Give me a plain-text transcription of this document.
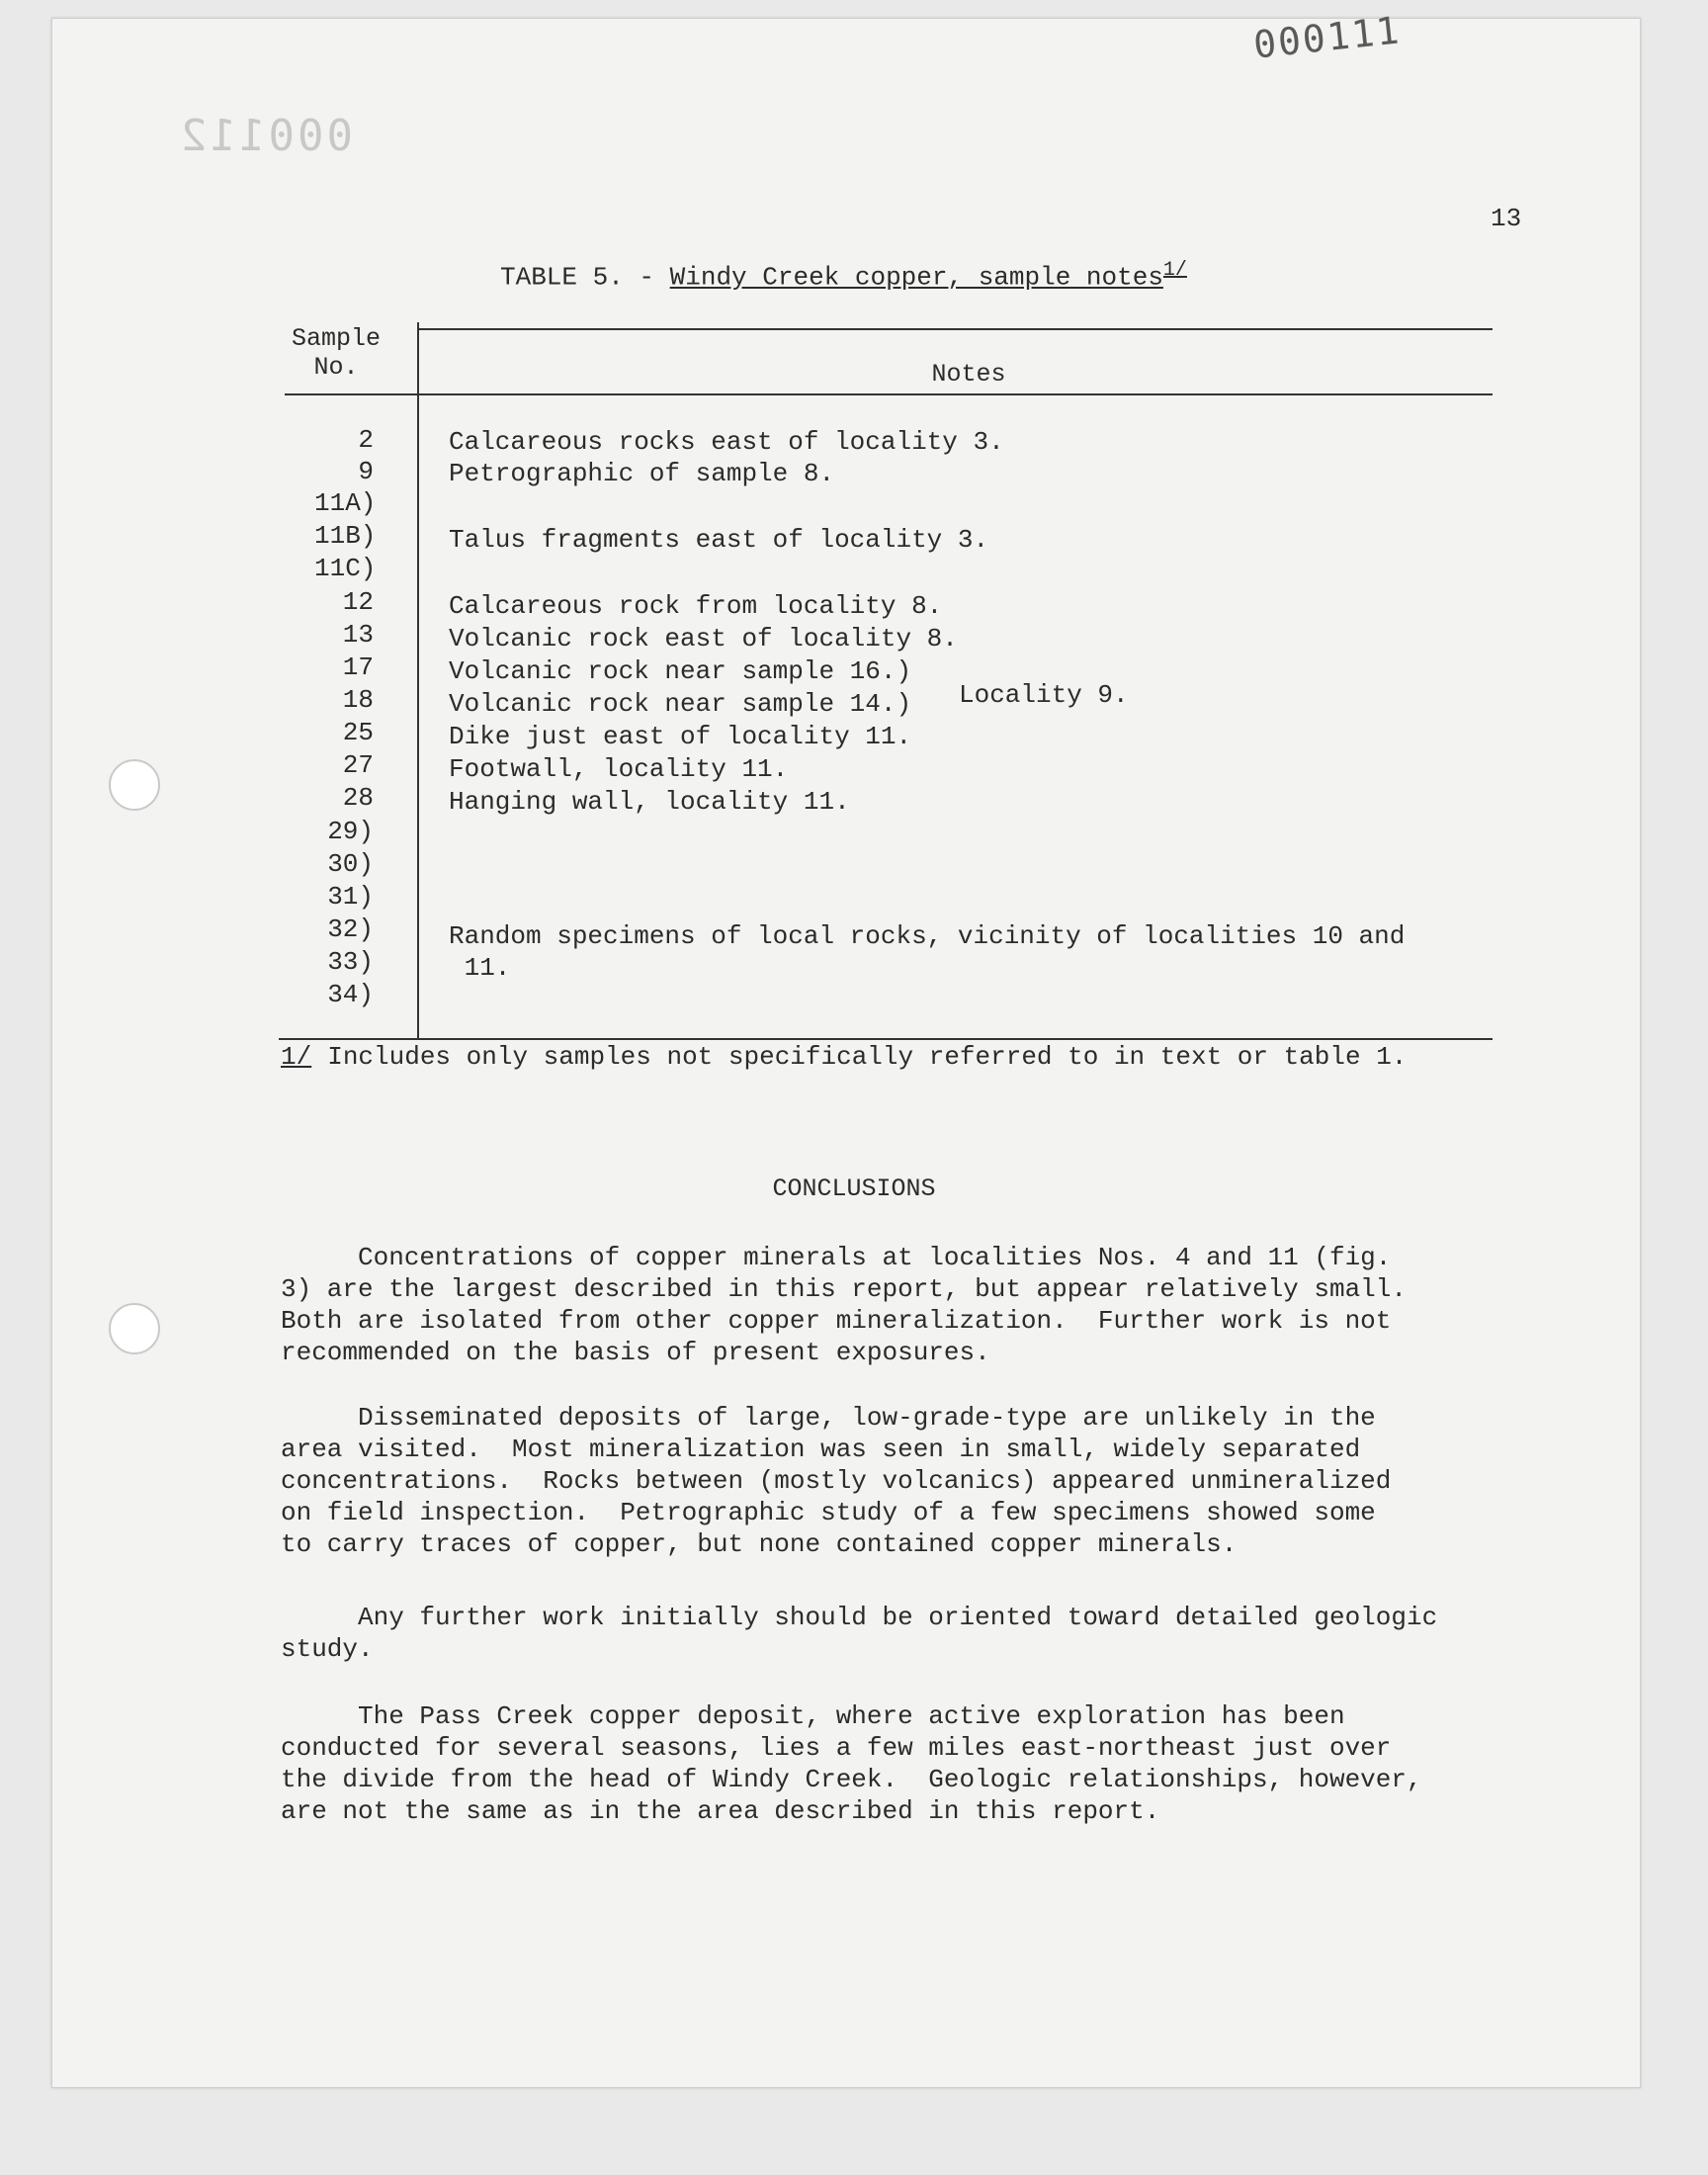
000111
000112
13
TABLE 5. - Windy Creek copper, sample notes$^{1/}$
Sample
No.	Notes
2
9
11A)
11B)
11C)
12
13
17
18
25
27
28
29)
30)
31)
32)
33)
34)
Calcareous rocks east of locality 3.
Petrographic of sample 8.
Talus fragments east of locality 3.
Calcareous rock from locality 8.
Volcanic rock east of locality 8.
Volcanic rock near sample 16.)
Volcanic rock near sample 14.)
Dike just east of locality 11.
Footwall, locality 11.
Hanging wall, locality 11.
Random specimens of local rocks, vicinity of localities 10 and
11.
Locality 9.
1/ Includes only samples not specifically referred to in text or table 1.
CONCLUSIONS
Concentrations of copper minerals at localities Nos. 4 and 11 (fig.
3) are the largest described in this report, but appear relatively small.
Both are isolated from other copper mineralization.  Further work is not
recommended on the basis of present exposures.
Disseminated deposits of large, low-grade-type are unlikely in the
area visited.  Most mineralization was seen in small, widely separated
concentrations.  Rocks between (mostly volcanics) appeared unmineralized
on field inspection.  Petrographic study of a few specimens showed some
to carry traces of copper, but none contained copper minerals.
Any further work initially should be oriented toward detailed geologic
study.
The Pass Creek copper deposit, where active exploration has been
conducted for several seasons, lies a few miles east-northeast just over
the divide from the head of Windy Creek.  Geologic relationships, however,
are not the same as in the area described in this report.
